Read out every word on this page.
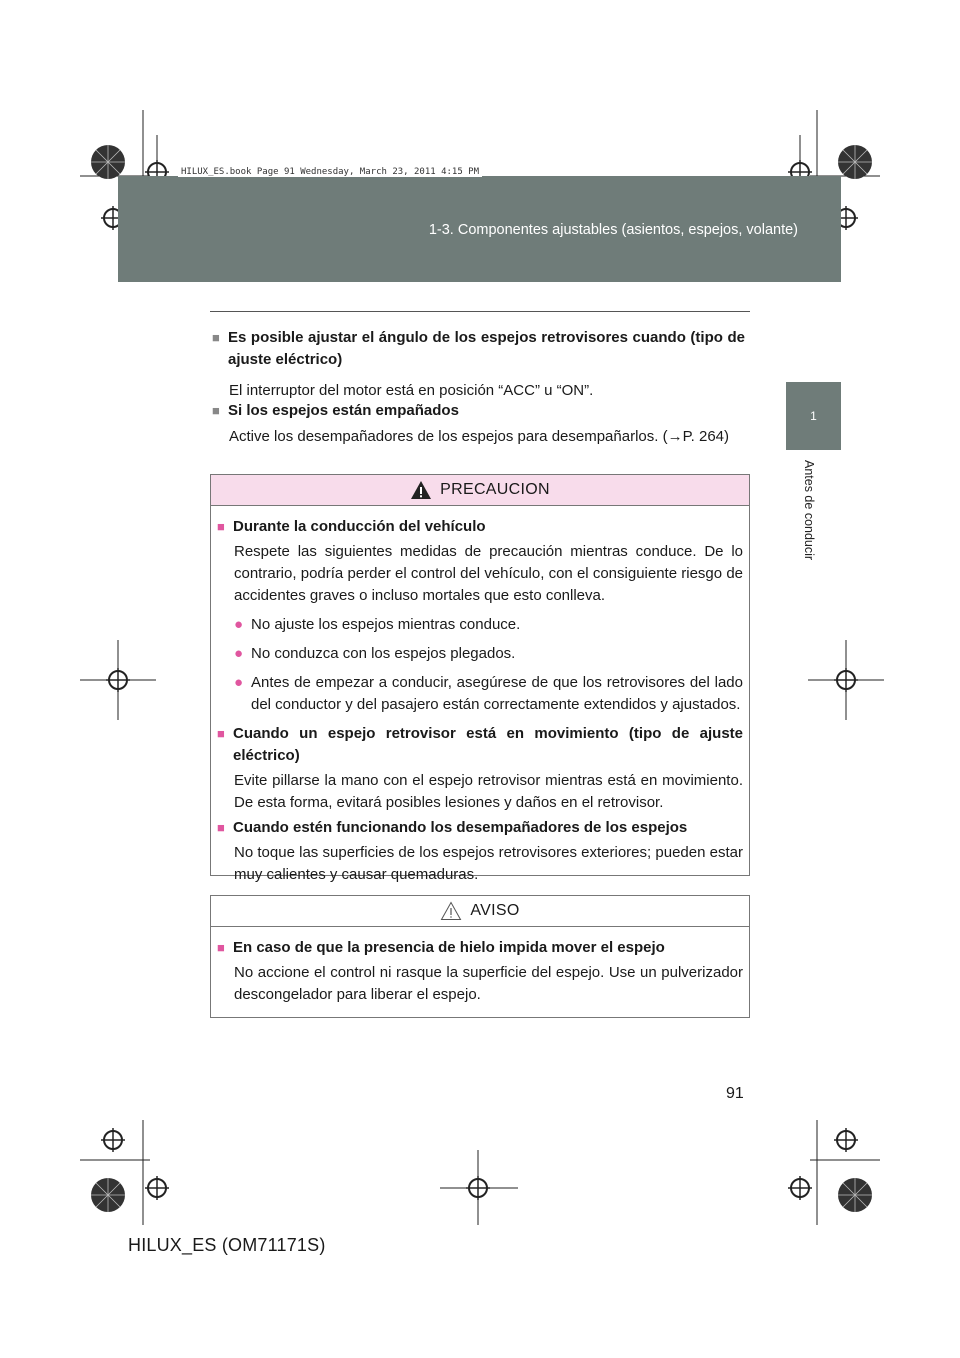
1-3. Componentes ajustables (asientos, espejos, volante)
HILUX_ES.book Page 91 Wednesday, March 23, 2011 4:15 PM
1
Antes de conducir
■ Es posible ajustar el ángulo de los espejos retrovisores cuando (tipo de ajuste eléctrico)
El interruptor del motor está en posición “ACC” u “ON”.
■ Si los espejos están empañados
Active los desempañadores de los espejos para desempañarlos. (→P. 264)
PRECAUCION
■ Durante la conducción del vehículo
Respete las siguientes medidas de precaución mientras conduce. De lo contrario, podría perder el control del vehículo, con el consiguiente riesgo de accidentes graves o incluso mortales que esto conlleva.
● No ajuste los espejos mientras conduce.
● No conduzca con los espejos plegados.
● Antes de empezar a conducir, asegúrese de que los retrovisores del lado del conductor y del pasajero están correctamente extendidos y ajustados.
■ Cuando un espejo retrovisor está en movimiento (tipo de ajuste eléctrico)
Evite pillarse la mano con el espejo retrovisor mientras está en movimiento. De esta forma, evitará posibles lesiones y daños en el retrovisor.
■ Cuando estén funcionando los desempañadores de los espejos
No toque las superficies de los espejos retrovisores exteriores; pueden estar muy calientes y causar quemaduras.
AVISO
■ En caso de que la presencia de hielo impida mover el espejo
No accione el control ni rasque la superficie del espejo. Use un pulverizador descongelador para liberar el espejo.
91
HILUX_ES (OM71171S)
